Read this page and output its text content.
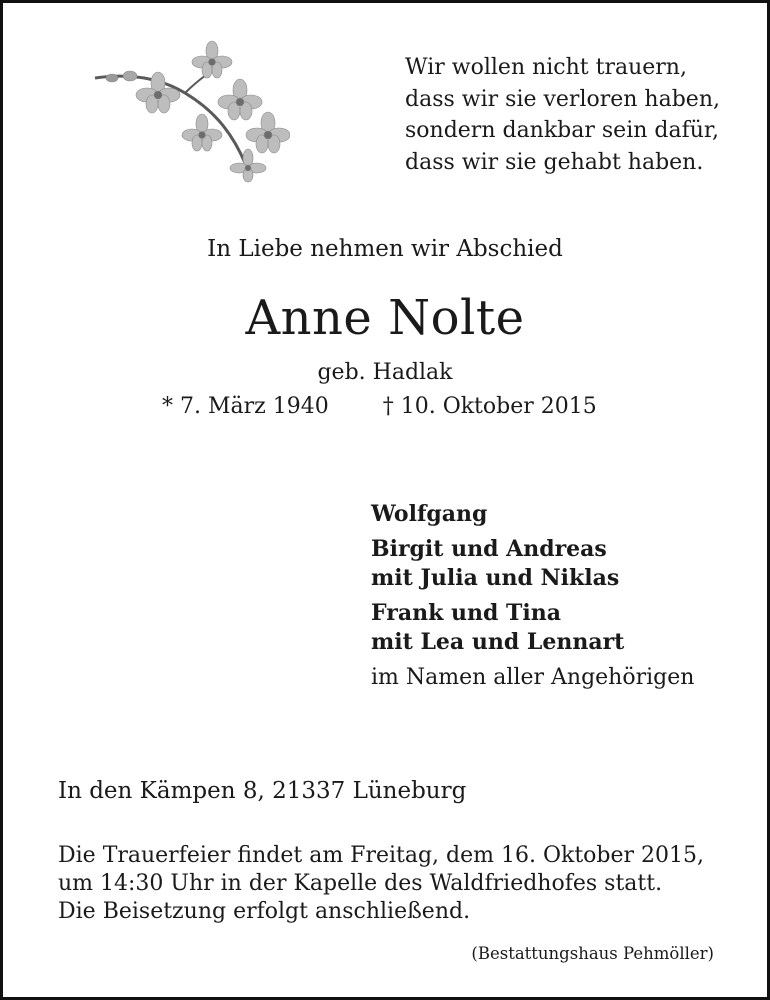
Wir wollen nicht trauern,
dass wir sie verloren haben,
sondern dankbar sein dafür,
dass wir sie gehabt haben.
In Liebe nehmen wir Abschied
Anne Nolte
geb. Hadlak
* 7. März 1940 † 10. Oktober 2015
Wolfgang
Birgit und Andreas
mit Julia und Niklas
Frank und Tina
mit Lea und Lennart
im Namen aller Angehörigen
In den Kämpen 8, 21337 Lüneburg
Die Trauerfeier findet am Freitag, dem 16. Oktober 2015,
um 14:30 Uhr in der Kapelle des Waldfriedhofes statt.
Die Beisetzung erfolgt anschließend.
(Bestattungshaus Pehmöller)
